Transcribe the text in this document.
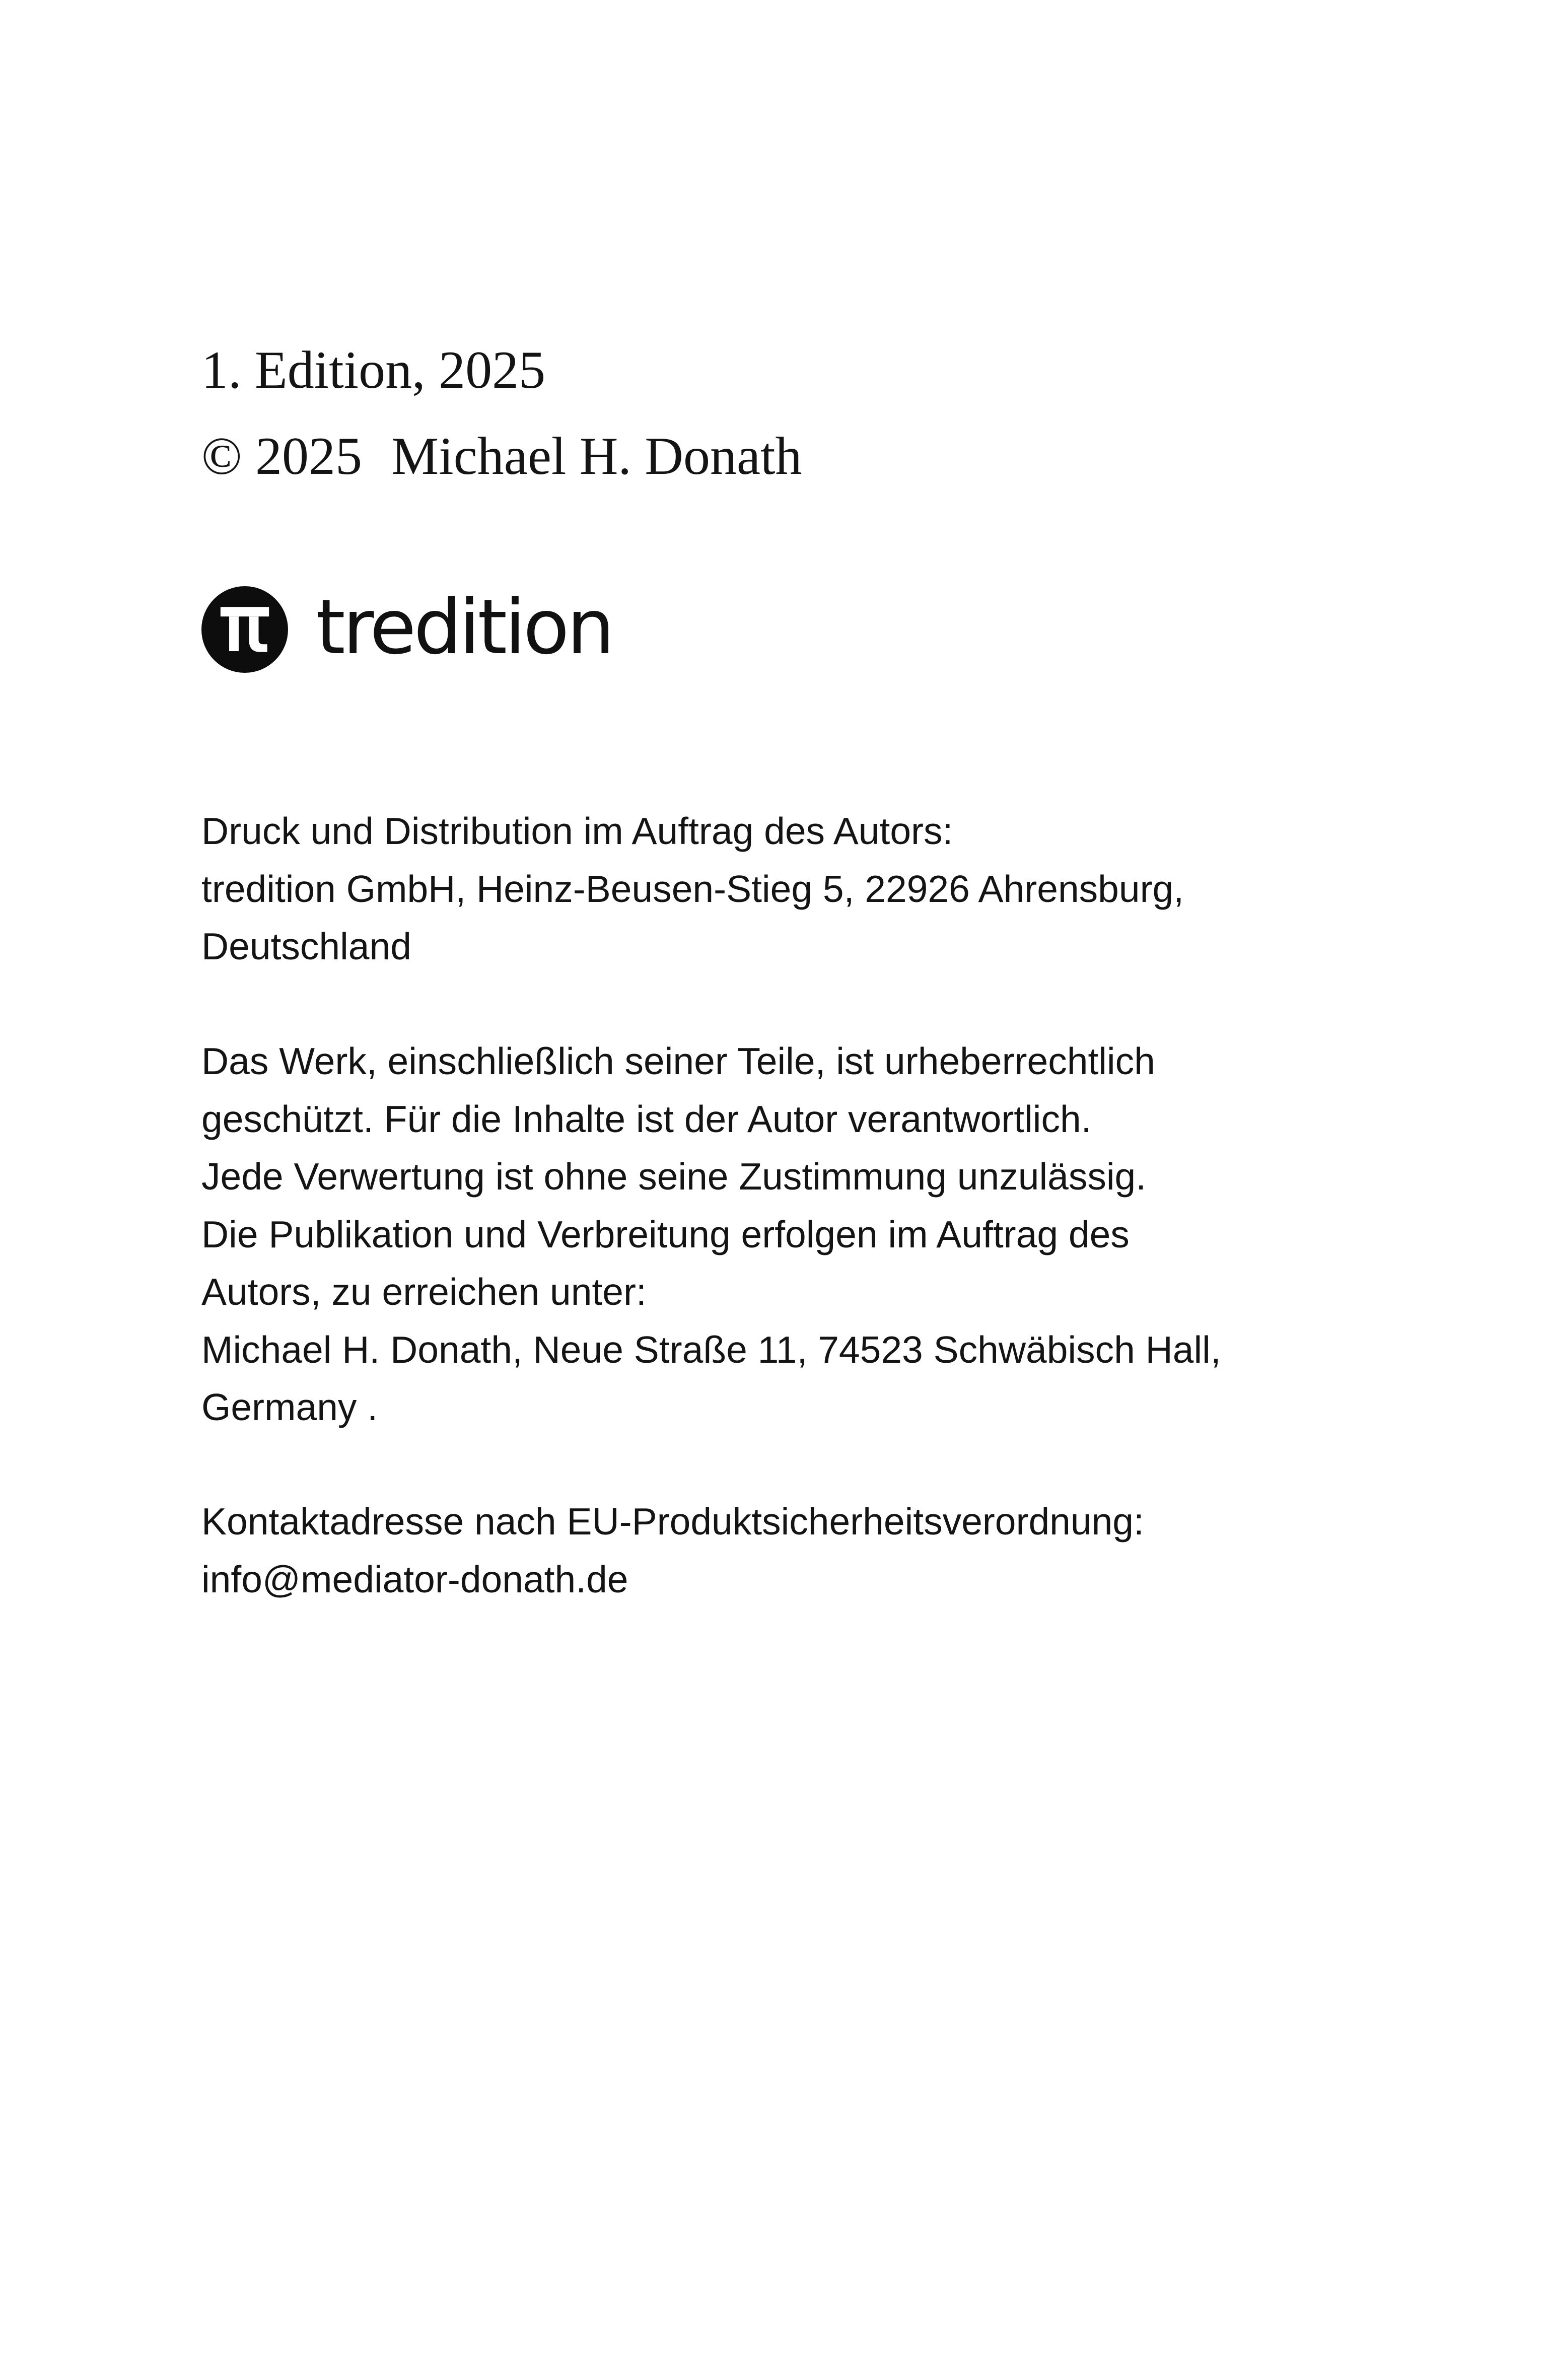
1. Edition, 2025
© 2025 Michael H. Donath
tredition
Druck und Distribution im Auftrag des Autors:
tredition GmbH, Heinz-Beusen-Stieg 5, 22926 Ahrensburg,
Deutschland
Das Werk, einschließlich seiner Teile, ist urheberrechtlich
geschützt. Für die Inhalte ist der Autor verantwortlich.
Jede Verwertung ist ohne seine Zustimmung unzulässig.
Die Publikation und Verbreitung erfolgen im Auftrag des
Autors, zu erreichen unter:
Michael H. Donath, Neue Straße 11, 74523 Schwäbisch Hall,
Germany .
Kontaktadresse nach EU-Produktsicherheitsverordnung:
info@mediator-donath.de
